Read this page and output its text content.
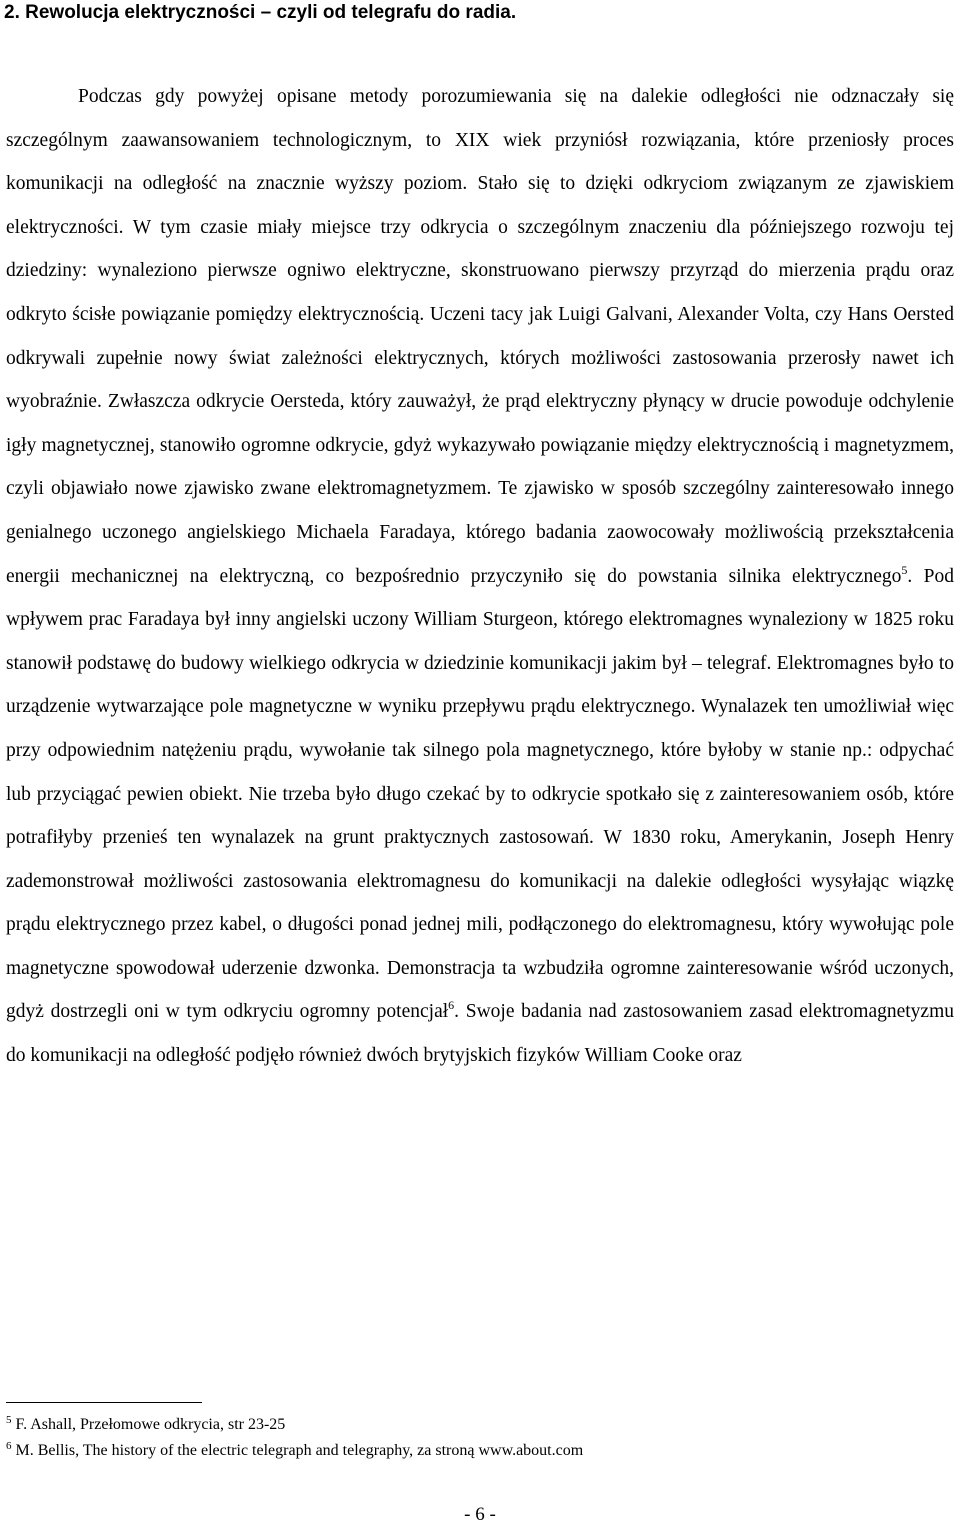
2. Rewolucja elektryczności – czyli od telegrafu do radia.

Podczas gdy powyżej opisane metody porozumiewania się na dalekie odległości nie odznaczały się szczególnym zaawansowaniem technologicznym, to XIX wiek przyniósł rozwiązania, które przeniosły proces komunikacji na odległość na znacznie wyższy poziom. Stało się to dzięki odkryciom związanym ze zjawiskiem elektryczności. W tym czasie miały miejsce trzy odkrycia o szczególnym znaczeniu dla późniejszego rozwoju tej dziedziny: wynaleziono pierwsze ogniwo elektryczne, skonstruowano pierwszy przyrząd do mierzenia prądu oraz odkryto ścisłe powiązanie pomiędzy elektrycznością. Uczeni tacy jak Luigi Galvani, Alexander Volta, czy Hans Oersted odkrywali zupełnie nowy świat zależności elektrycznych, których możliwości zastosowania przerosły nawet ich wyobraźnie. Zwłaszcza odkrycie Oersteda, który zauważył, że prąd elektryczny płynący w drucie powoduje odchylenie igły magnetycznej, stanowiło ogromne odkrycie, gdyż wykazywało powiązanie między elektrycznością i magnetyzmem, czyli objawiało nowe zjawisko zwane elektromagnetyzmem. Te zjawisko w sposób szczególny zainteresowało innego genialnego uczonego angielskiego Michaela Faradaya, którego badania zaowocowały możliwością przekształcenia energii mechanicznej na elektryczną, co bezpośrednio przyczyniło się do powstania silnika elektrycznego$^5$. Pod wpływem prac Faradaya był inny angielski uczony William Sturgeon, którego elektromagnes wynaleziony w 1825 roku stanowił podstawę do budowy wielkiego odkrycia w dziedzinie komunikacji jakim był – telegraf. Elektromagnes było to urządzenie wytwarzające pole magnetyczne w wyniku przepływu prądu elektrycznego. Wynalazek ten umożliwiał więc przy odpowiednim natężeniu prądu, wywołanie tak silnego pola magnetycznego, które byłoby w stanie np.: odpychać lub przyciągać pewien obiekt. Nie trzeba było długo czekać by to odkrycie spotkało się z zainteresowaniem osób, które potrafiłyby przenieś ten wynalazek na grunt praktycznych zastosowań. W 1830 roku, Amerykanin, Joseph Henry zademonstrował możliwości zastosowania elektromagnesu do komunikacji na dalekie odległości wysyłając wiązkę prądu elektrycznego przez kabel, o długości ponad jednej mili, podłączonego do elektromagnesu, który wywołując pole magnetyczne spowodował uderzenie dzwonka. Demonstracja ta wzbudziła ogromne zainteresowanie wśród uczonych, gdyż dostrzegli oni w tym odkryciu ogromny potencjał$^6$. Swoje badania nad zastosowaniem zasad elektromagnetyzmu do komunikacji na odległość podjęło również dwóch brytyjskich fizyków William Cooke oraz

$^5$ F. Ashall, Przełomowe odkrycia, str 23-25

$^6$ M. Bellis, The history of the electric telegraph and telegraphy, za stroną www.about.com

- 6 -
